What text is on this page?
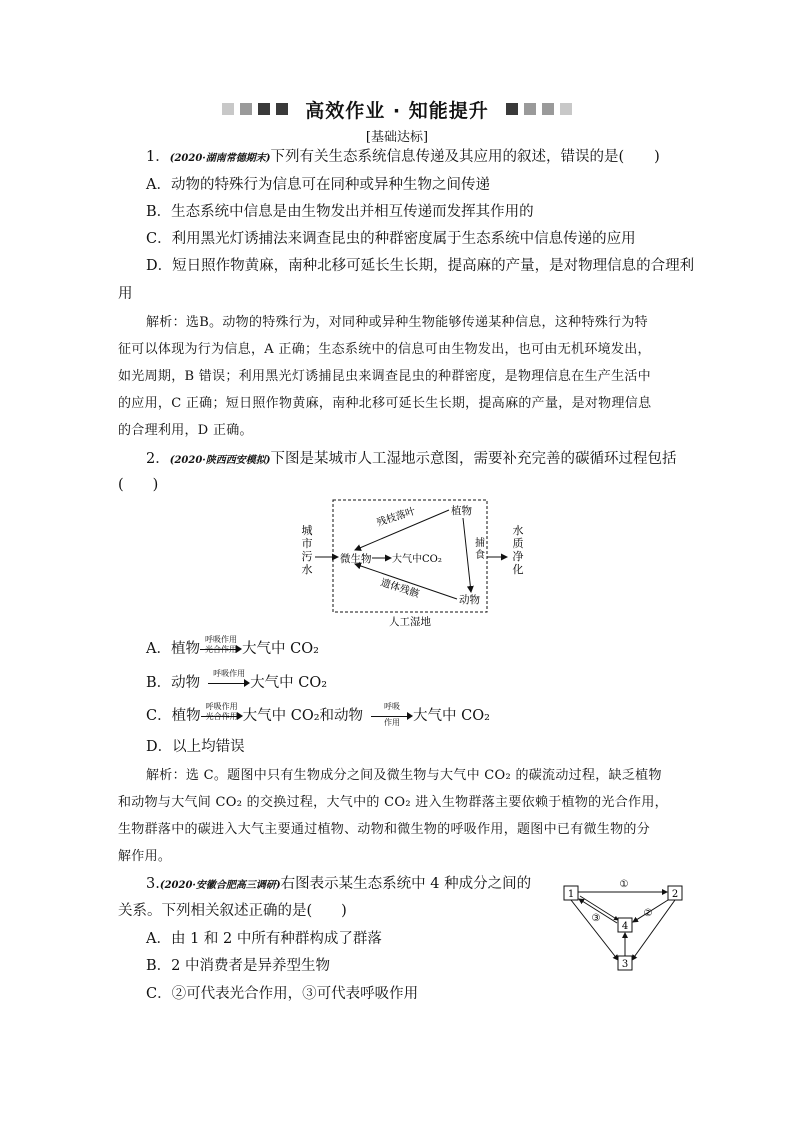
高效作业 · 知能提升
[基础达标]
1．(2020·湖南常德期末)下列有关生态系统信息传递及其应用的叙述，错误的是( )
A．动物的特殊行为信息可在同种或异种生物之间传递
B．生态系统中信息是由生物发出并相互传递而发挥其作用的
C．利用黑光灯诱捕法来调查昆虫的种群密度属于生态系统中信息传递的应用
D．短日照作物黄麻，南种北移可延长生长期，提高麻的产量，是对物理信息的合理利
用
解析：选B。动物的特殊行为，对同种或异种生物能够传递某种信息，这种特殊行为特
征可以体现为行为信息，A 正确；生态系统中的信息可由生物发出，也可由无机环境发出，
如光周期，B 错误；利用黑光灯诱捕昆虫来调查昆虫的种群密度，是物理信息在生产生活中
的应用，C 正确；短日照作物黄麻，南种北移可延长生长期，提高麻的产量，是对物理信息
的合理利用，D 正确。
2．(2020·陕西西安模拟)下图是某城市人工湿地示意图，需要补充完善的碳循环过程包括
(　　)
城
市
污
水
水
质
净
化
微生物 大气中CO₂
植物
动物
残枝落叶
遗体残骸
捕
食
人工湿地
A．植物
呼吸作用
光合作用 大气中 CO₂
B．动物
呼吸作用
大气中 CO₂
C．植物
呼吸作用
光合作用 大气中 CO₂和动物
呼吸
作用 大气中 CO₂
D．以上均错误
解析：选 C。题图中只有生物成分之间及微生物与大气中 CO₂ 的碳流动过程，缺乏植物
和动物与大气间 CO₂ 的交换过程，大气中的 CO₂ 进入生物群落主要依赖于植物的光合作用，
生物群落中的碳进入大气主要通过植物、动物和微生物的呼吸作用，题图中已有微生物的分
解作用。
3.(2020·安徽合肥高三调研)右图表示某生态系统中 4 种成分之间的
关系。下列相关叙述正确的是(　　)
A．由 1 和 2 中所有种群构成了群落
B．2 中消费者是异养型生物
C．②可代表光合作用，③可代表呼吸作用
1	2
4
3
①
②
③
